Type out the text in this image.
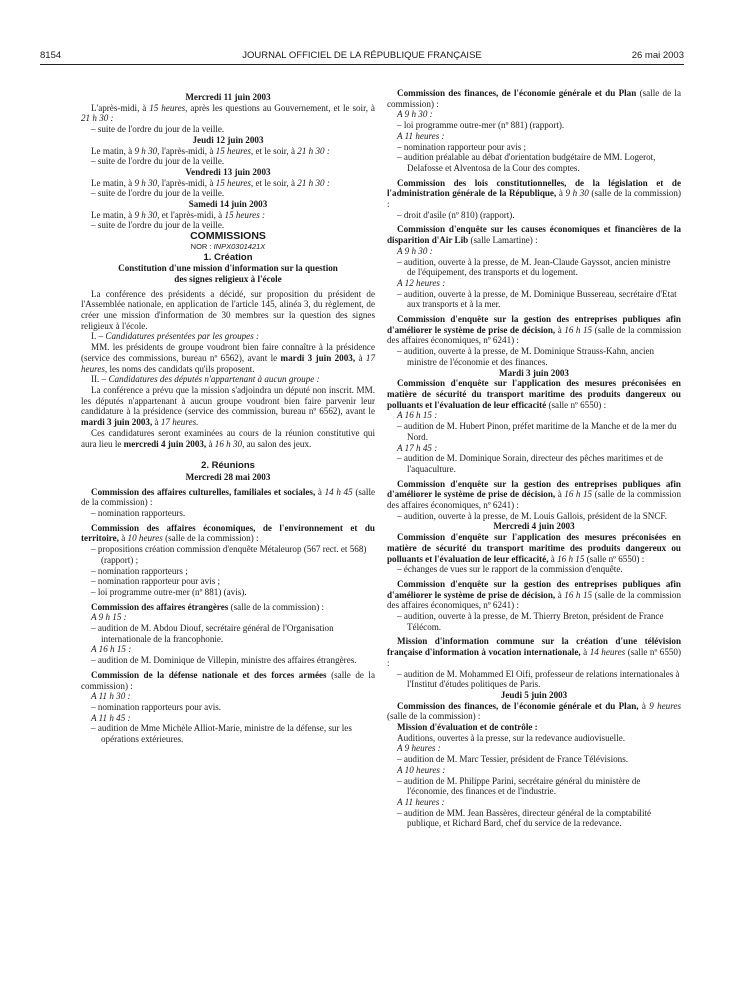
8154	JOURNAL OFFICIEL DE LA RÉPUBLIQUE FRANÇAISE	26 mai 2003

Mercredi 11 juin 2003

L'après-midi, à 15 heures, après les questions au Gouvernement, et le soir, à 21 h 30 :

– suite de l'ordre du jour de la veille.

Jeudi 12 juin 2003

Le matin, à 9 h 30, l'après-midi, à 15 heures, et le soir, à 21 h 30 :

– suite de l'ordre du jour de la veille.

Vendredi 13 juin 2003

Le matin, à 9 h 30, l'après-midi, à 15 heures, et le soir, à 21 h 30 :

– suite de l'ordre du jour de la veille.

Samedi 14 juin 2003

Le matin, à 9 h 30, et l'après-midi, à 15 heures :

– suite de l'ordre du jour de la veille.

COMMISSIONS

NOR : INPX0301421X

1. Création

Constitution d'une mission d'information sur la question des signes religieux à l'école

La conférence des présidents a décidé, sur proposition du président de l'Assemblée nationale, en application de l'article 145, alinéa 3, du règlement, de créer une mission d'information de 30 membres sur la question des signes religieux à l'école.

I. – Candidatures présentées par les groupes :

MM. les présidents de groupe voudront bien faire connaître à la présidence (service des commissions, bureau nº 6562), avant le mardi 3 juin 2003, à 17 heures, les noms des candidats qu'ils proposent.

II. – Candidatures des députés n'appartenant à aucun groupe :

La conférence a prévu que la mission s'adjoindra un député non inscrit. MM. les députés n'appartenant à aucun groupe voudront bien faire parvenir leur candidature à la présidence (service des commission, bureau nº 6562), avant le mardi 3 juin 2003, à 17 heures.

Ces candidatures seront examinées au cours de la réunion constitutive qui aura lieu le mercredi 4 juin 2003, à 16 h 30, au salon des jeux.

2. Réunions

Mercredi 28 mai 2003

Commission des affaires culturelles, familiales et sociales, à 14 h 45 (salle de la commission) :

– nomination rapporteurs.

Commission des affaires économiques, de l'environnement et du territoire, à 10 heures (salle de la commission) :

– propositions création commission d'enquête Métaleurop (567 rect. et 568) (rapport) ;

– nomination rapporteurs ;

– nomination rapporteur pour avis ;

– loi programme outre-mer (nº 881) (avis).

Commission des affaires étrangères (salle de la commission) :

A 9 h 15 :

– audition de M. Abdou Diouf, secrétaire général de l'Organisation internationale de la francophonie.

A 16 h 15 :

– audition de M. Dominique de Villepin, ministre des affaires étrangères.

Commission de la défense nationale et des forces armées (salle de la commission) :

A 11 h 30 :

– nomination rapporteurs pour avis.

A 11 h 45 :

– audition de Mme Michèle Alliot-Marie, ministre de la défense, sur les opérations extérieures.

Commission des finances, de l'économie générale et du Plan (salle de la commission) :

A 9 h 30 :

– loi programme outre-mer (nº 881) (rapport).

A 11 heures :

– nomination rapporteur pour avis ;

– audition préalable au débat d'orientation budgétaire de MM. Logerot, Delafosse et Alventosa de la Cour des comptes.

Commission des lois constitutionnelles, de la législation et de l'administration générale de la République, à 9 h 30 (salle de la commission) :

– droit d'asile (nº 810) (rapport).

Commission d'enquête sur les causes économiques et financières de la disparition d'Air Lib (salle Lamartine) :

A 9 h 30 :

– audition, ouverte à la presse, de M. Jean-Claude Gayssot, ancien ministre de l'équipement, des transports et du logement.

A 12 heures :

– audition, ouverte à la presse, de M. Dominique Bussereau, secrétaire d'Etat aux transports et à la mer.

Commission d'enquête sur la gestion des entreprises publiques afin d'améliorer le système de prise de décision, à 16 h 15 (salle de la commission des affaires économiques, nº 6241) :

– audition, ouverte à la presse, de M. Dominique Strauss-Kahn, ancien ministre de l'économie et des finances.

Mardi 3 juin 2003

Commission d'enquête sur l'application des mesures préconisées en matière de sécurité du transport maritime des produits dangereux ou polluants et l'évaluation de leur efficacité (salle nº 6550) :

A 16 h 15 :

– audition de M. Hubert Pinon, préfet maritime de la Manche et de la mer du Nord.

A 17 h 45 :

– audition de M. Dominique Sorain, directeur des pêches maritimes et de l'aquaculture.

Commission d'enquête sur la gestion des entreprises publiques afin d'améliorer le système de prise de décision, à 16 h 15 (salle de la commission des affaires économiques, nº 6241) :

– audition, ouverte à la presse, de M. Louis Gallois, président de la SNCF.

Mercredi 4 juin 2003

Commission d'enquête sur l'application des mesures préconisées en matière de sécurité du transport maritime des produits dangereux ou polluants et l'évaluation de leur efficacité, à 16 h 15 (salle nº 6550) :

– échanges de vues sur le rapport de la commission d'enquête.

Commission d'enquête sur la gestion des entreprises publiques afin d'améliorer le système de prise de décision, à 16 h 15 (salle de la commission des affaires économiques, nº 6241) :

– audition, ouverte à la presse, de M. Thierry Breton, président de France Télécom.

Mission d'information commune sur la création d'une télévision française d'information à vocation internationale, à 14 heures (salle nº 6550) :

– audition de M. Mohammed El Oifi, professeur de relations internationales à l'Institut d'études politiques de Paris.

Jeudi 5 juin 2003

Commission des finances, de l'économie générale et du Plan, à 9 heures (salle de la commission) :

Mission d'évaluation et de contrôle :

Auditions, ouvertes à la presse, sur la redevance audiovisuelle.

A 9 heures :

– audition de M. Marc Tessier, président de France Télévisions.

A 10 heures :

– audition de M. Philippe Parini, secrétaire général du ministère de l'économie, des finances et de l'industrie.

A 11 heures :

– audition de MM. Jean Bassères, directeur général de la comptabilité publique, et Richard Bard, chef du service de la redevance.
